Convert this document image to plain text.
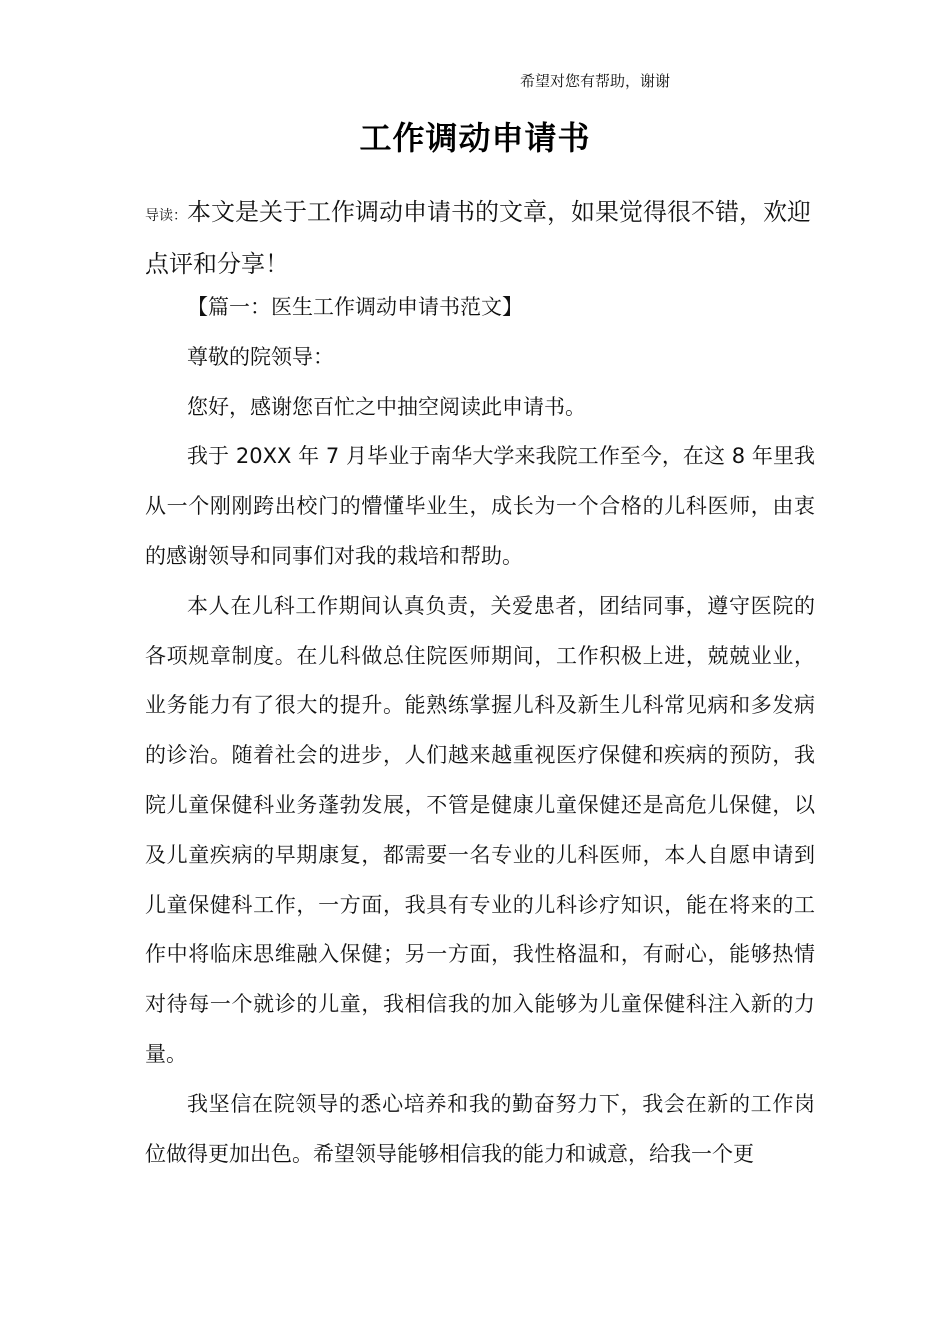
希望对您有帮助，谢谢
工作调动申请书
导读：本文是关于工作调动申请书的文章，如果觉得很不错，欢迎点评和分享！

【篇一：医生工作调动申请书范文】

尊敬的院领导：

您好，感谢您百忙之中抽空阅读此申请书。

我于 20XX 年 7 月毕业于南华大学来我院工作至今，在这 8 年里我从一个刚刚跨出校门的懵懂毕业生，成长为一个合格的儿科医师，由衷的感谢领导和同事们对我的栽培和帮助。

本人在儿科工作期间认真负责，关爱患者，团结同事，遵守医院的各项规章制度。在儿科做总住院医师期间，工作积极上进，兢兢业业，业务能力有了很大的提升。能熟练掌握儿科及新生儿科常见病和多发病的诊治。随着社会的进步，人们越来越重视医疗保健和疾病的预防，我院儿童保健科业务蓬勃发展，不管是健康儿童保健还是高危儿保健，以及儿童疾病的早期康复，都需要一名专业的儿科医师，本人自愿申请到儿童保健科工作，一方面，我具有专业的儿科诊疗知识，能在将来的工作中将临床思维融入保健；另一方面，我性格温和，有耐心，能够热情对待每一个就诊的儿童，我相信我的加入能够为儿童保健科注入新的力量。

我坚信在院领导的悉心培养和我的勤奋努力下，我会在新的工作岗位做得更加出色。希望领导能够相信我的能力和诚意，给我一个更
